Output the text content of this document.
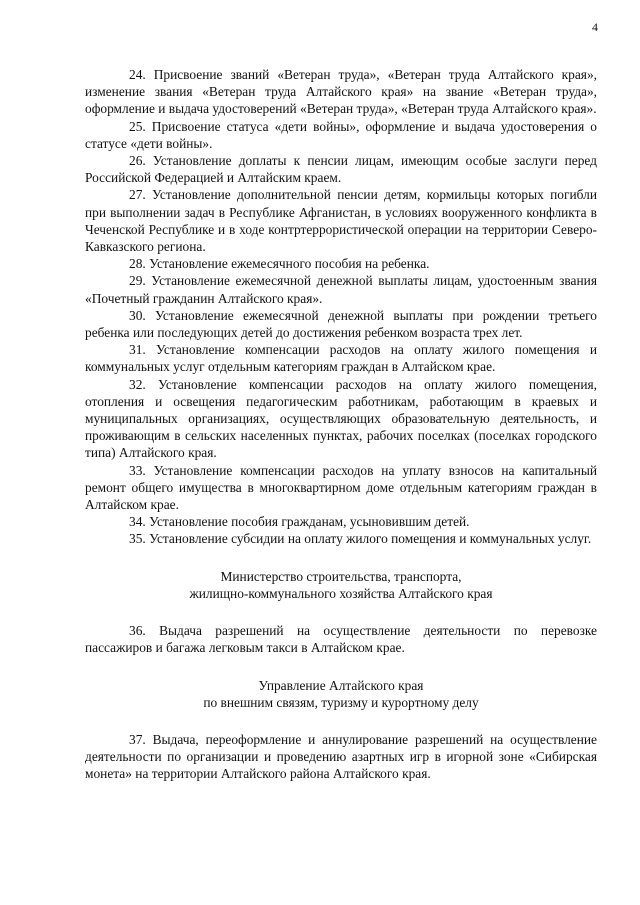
4

24. Присвоение званий «Ветеран труда», «Ветеран труда Алтайского края», изменение звания «Ветеран труда Алтайского края» на звание «Ветеран труда», оформление и выдача удостоверений «Ветеран труда», «Ветеран труда Алтайского края».

25. Присвоение статуса «дети войны», оформление и выдача удостоверения о статусе «дети войны».

26. Установление доплаты к пенсии лицам, имеющим особые заслуги перед Российской Федерацией и Алтайским краем.

27. Установление дополнительной пенсии детям, кормильцы которых погибли при выполнении задач в Республике Афганистан, в условиях вооруженного конфликта в Чеченской Республике и в ходе контртеррористической операции на территории Северо-Кавказского региона.

28. Установление ежемесячного пособия на ребенка.

29. Установление ежемесячной денежной выплаты лицам, удостоенным звания «Почетный гражданин Алтайского края».

30. Установление ежемесячной денежной выплаты при рождении третьего ребенка или последующих детей до достижения ребенком возраста трех лет.

31. Установление компенсации расходов на оплату жилого помещения и коммунальных услуг отдельным категориям граждан в Алтайском крае.

32. Установление компенсации расходов на оплату жилого помещения, отопления и освещения педагогическим работникам, работающим в краевых и муниципальных организациях, осуществляющих образовательную деятельность, и проживающим в сельских населенных пунктах, рабочих поселках (поселках городского типа) Алтайского края.

33. Установление компенсации расходов на уплату взносов на капитальный ремонт общего имущества в многоквартирном доме отдельным категориям граждан в Алтайском крае.

34. Установление пособия гражданам, усыновившим детей.

35. Установление субсидии на оплату жилого помещения и коммунальных услуг.

Министерство строительства, транспорта,
жилищно-коммунального хозяйства Алтайского края

36. Выдача разрешений на осуществление деятельности по перевозке пассажиров и багажа легковым такси в Алтайском крае.

Управление Алтайского края
по внешним связям, туризму и курортному делу

37. Выдача, переоформление и аннулирование разрешений на осуществление деятельности по организации и проведению азартных игр в игорной зоне «Сибирская монета» на территории Алтайского района Алтайского края.
